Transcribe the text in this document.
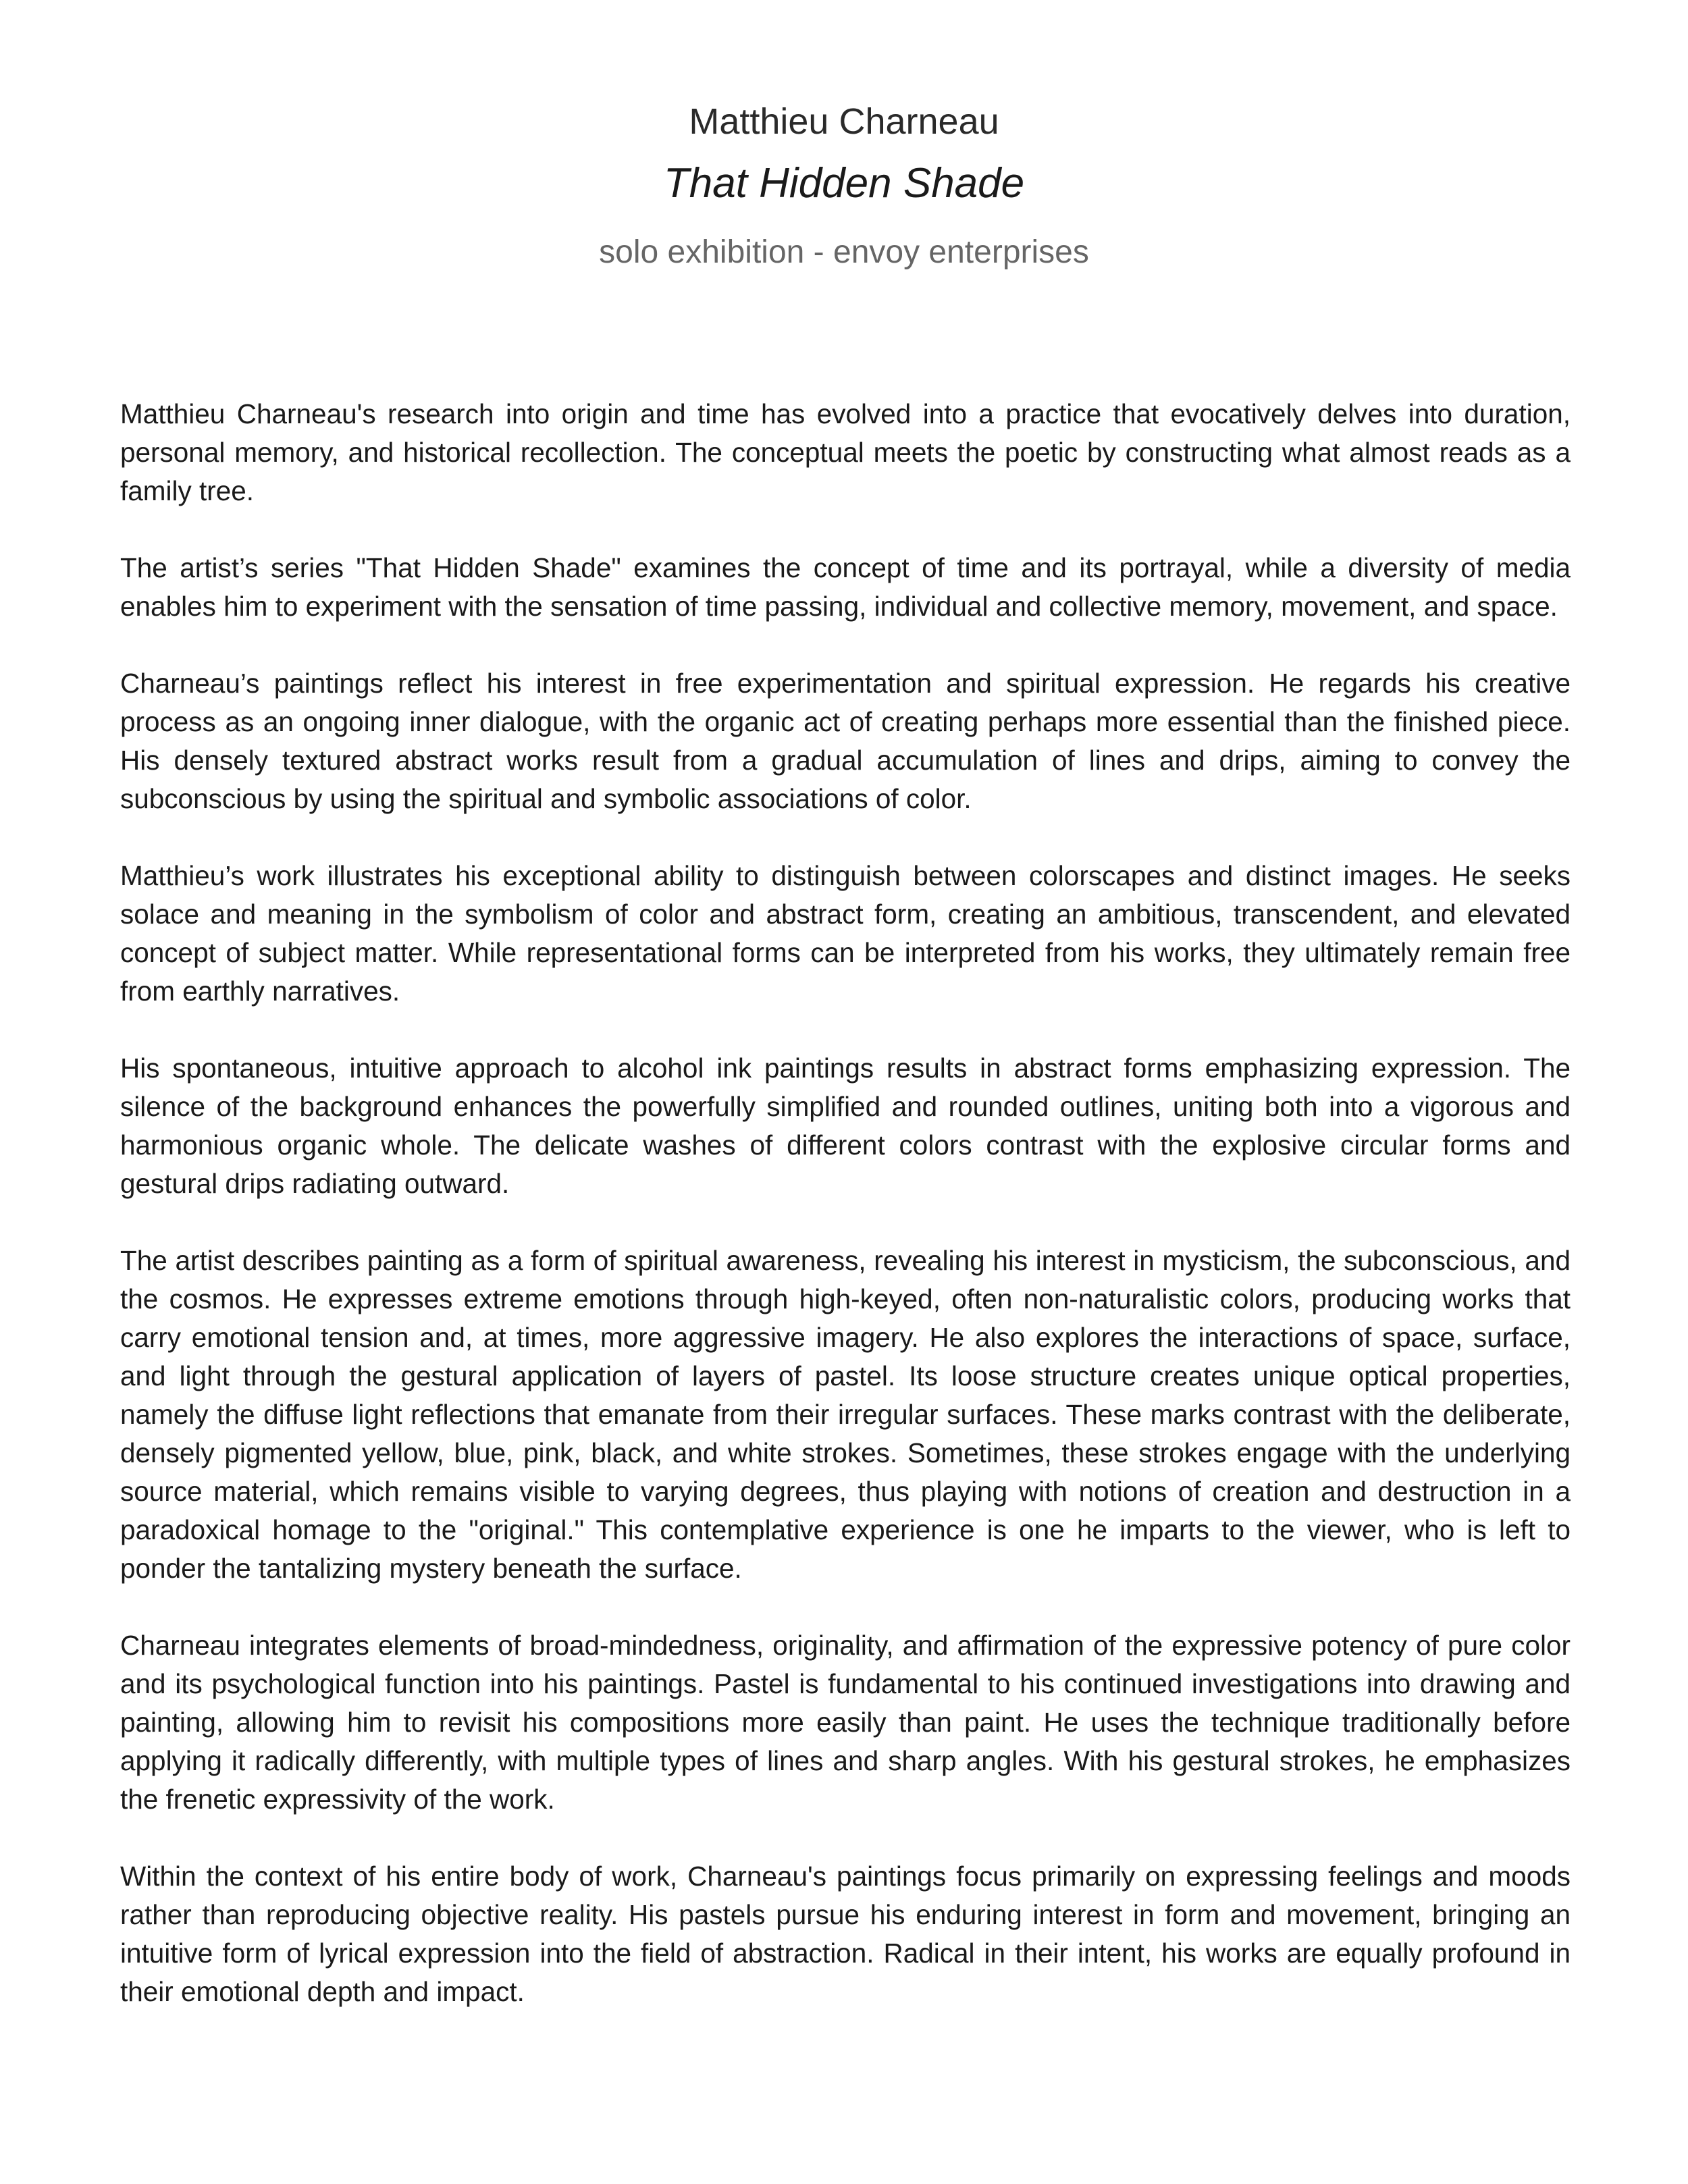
Matthieu Charneau
That Hidden Shade
solo exhibition - envoy enterprises

Matthieu Charneau's research into origin and time has evolved into a practice that evocatively delves into duration, personal memory, and historical recollection. The conceptual meets the poetic by constructing what almost reads as a family tree.

The artist’s series "That Hidden Shade" examines the concept of time and its portrayal, while a diversity of media enables him to experiment with the sensation of time passing, individual and collective memory, movement, and space.

Charneau’s paintings reflect his interest in free experimentation and spiritual expression. He regards his creative process as an ongoing inner dialogue, with the organic act of creating perhaps more essential than the finished piece. His densely textured abstract works result from a gradual accumulation of lines and drips, aiming to convey the subconscious by using the spiritual and symbolic associations of color.

Matthieu’s work illustrates his exceptional ability to distinguish between colorscapes and distinct images. He seeks solace and meaning in the symbolism of color and abstract form, creating an ambitious, transcendent, and elevated concept of subject matter. While representational forms can be interpreted from his works, they ultimately remain free from earthly narratives.

His spontaneous, intuitive approach to alcohol ink paintings results in abstract forms emphasizing expression. The silence of the background enhances the powerfully simplified and rounded outlines, uniting both into a vigorous and harmonious organic whole. The delicate washes of different colors contrast with the explosive circular forms and gestural drips radiating outward.

The artist describes painting as a form of spiritual awareness, revealing his interest in mysticism, the subconscious, and the cosmos. He expresses extreme emotions through high-keyed, often non-naturalistic colors, producing works that carry emotional tension and, at times, more aggressive imagery. He also explores the interactions of space, surface, and light through the gestural application of layers of pastel. Its loose structure creates unique optical properties, namely the diffuse light reflections that emanate from their irregular surfaces. These marks contrast with the deliberate, densely pigmented yellow, blue, pink, black, and white strokes. Sometimes, these strokes engage with the underlying source material, which remains visible to varying degrees, thus playing with notions of creation and destruction in a paradoxical homage to the "original." This contemplative experience is one he imparts to the viewer, who is left to ponder the tantalizing mystery beneath the surface.

Charneau integrates elements of broad-mindedness, originality, and affirmation of the expressive potency of pure color and its psychological function into his paintings. Pastel is fundamental to his continued investigations into drawing and painting, allowing him to revisit his compositions more easily than paint. He uses the technique traditionally before applying it radically differently, with multiple types of lines and sharp angles. With his gestural strokes, he emphasizes the frenetic expressivity of the work.

Within the context of his entire body of work, Charneau's paintings focus primarily on expressing feelings and moods rather than reproducing objective reality. His pastels pursue his enduring interest in form and movement, bringing an intuitive form of lyrical expression into the field of abstraction. Radical in their intent, his works are equally profound in their emotional depth and impact.
